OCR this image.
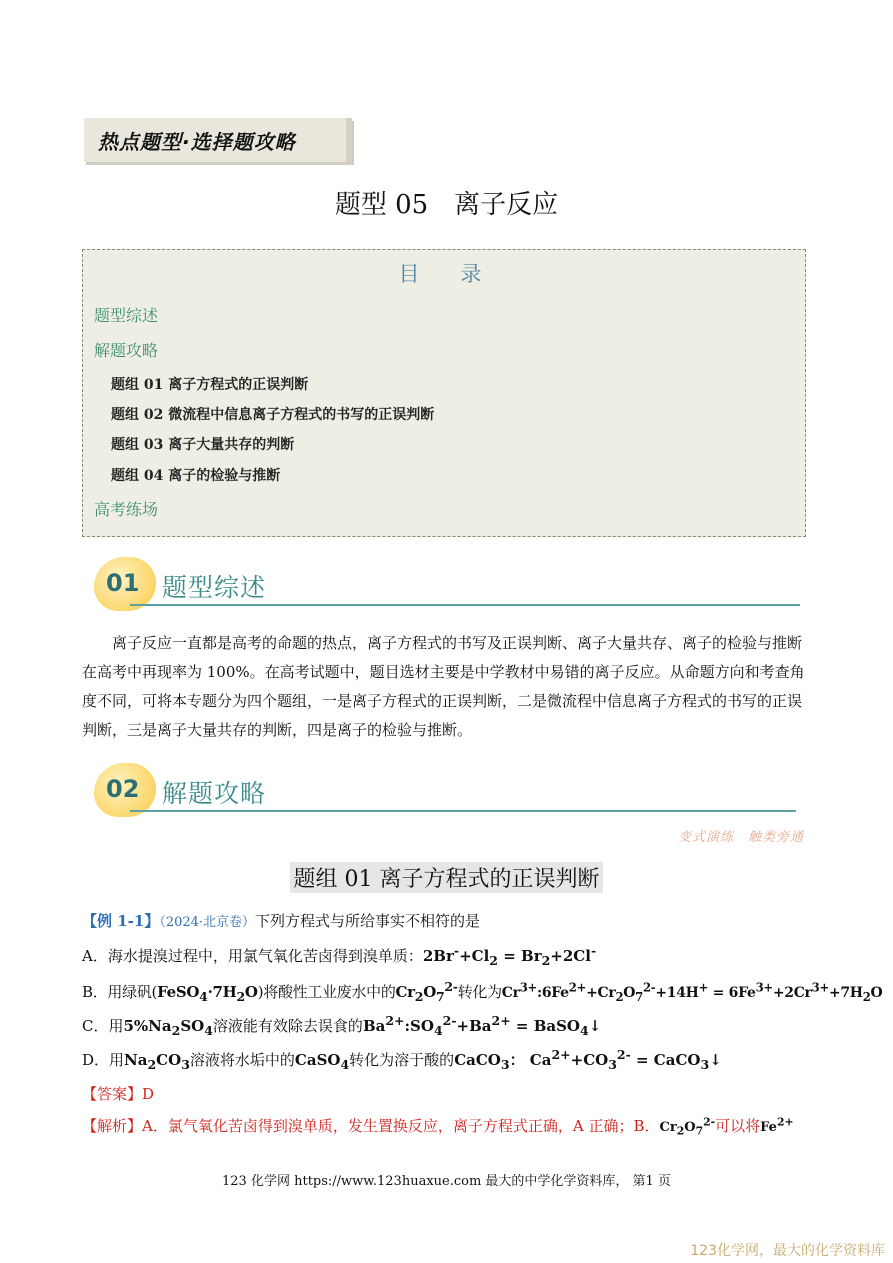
热点题型·选择题攻略
题型 05　离子反应
目　录
题型综述
解题攻略
题组 01 离子方程式的正误判断
题组 02 微流程中信息离子方程式的书写的正误判断
题组 03 离子大量共存的判断
题组 04 离子的检验与推断
高考练场
01 题型综述
离子反应一直都是高考的命题的热点，离子方程式的书写及正误判断、离子大量共存、离子的检验与推断在高考中再现率为 100%。在高考试题中，题目选材主要是中学教材中易错的离子反应。从命题方向和考查角度不同，可将本专题分为四个题组，一是离子方程式的正误判断，二是微流程中信息离子方程式的书写的正误判断，三是离子大量共存的判断，四是离子的检验与推断。
02 解题攻略
变式演练　触类旁通
题组 01 离子方程式的正误判断
【例 1-1】（2024·北京卷）下列方程式与所给事实不相符的是
A．海水提溴过程中，用氯气氧化苦卤得到溴单质：$2Br^-+Cl_2 = Br_2+2Cl^-$
B．用绿矾$(FeSO_4\cdot 7H_2O)$将酸性工业废水中的$Cr_2O_7^{2-}$转化为$Cr^{3+}:6Fe^{2+}+Cr_2O_7^{2-}+14H^+ = 6Fe^{3+}+2Cr^{3+}+7H_2O$
C．用$5\%Na_2SO_4$溶液能有效除去误食的$Ba^{2+}:SO_4^{2-}+Ba^{2+}$ = BaSO$_4$↓
D．用$Na_2CO_3$溶液将水垢中的CaSO$_4$转化为溶于酸的CaCO$_3$： $Ca^{2+}+CO_3^{2-}$ = CaCO$_3$↓
【答案】D
【解析】A．氯气氧化苦卤得到溴单质，发生置换反应，离子方程式正确，A 正确；B．$Cr_2O_7^{2-}$可以将$Fe^{2+}$
123 化学网 https://www.123huaxue.com 最大的中学化学资料库， 第1 页
123化学网，最大的化学资料库
